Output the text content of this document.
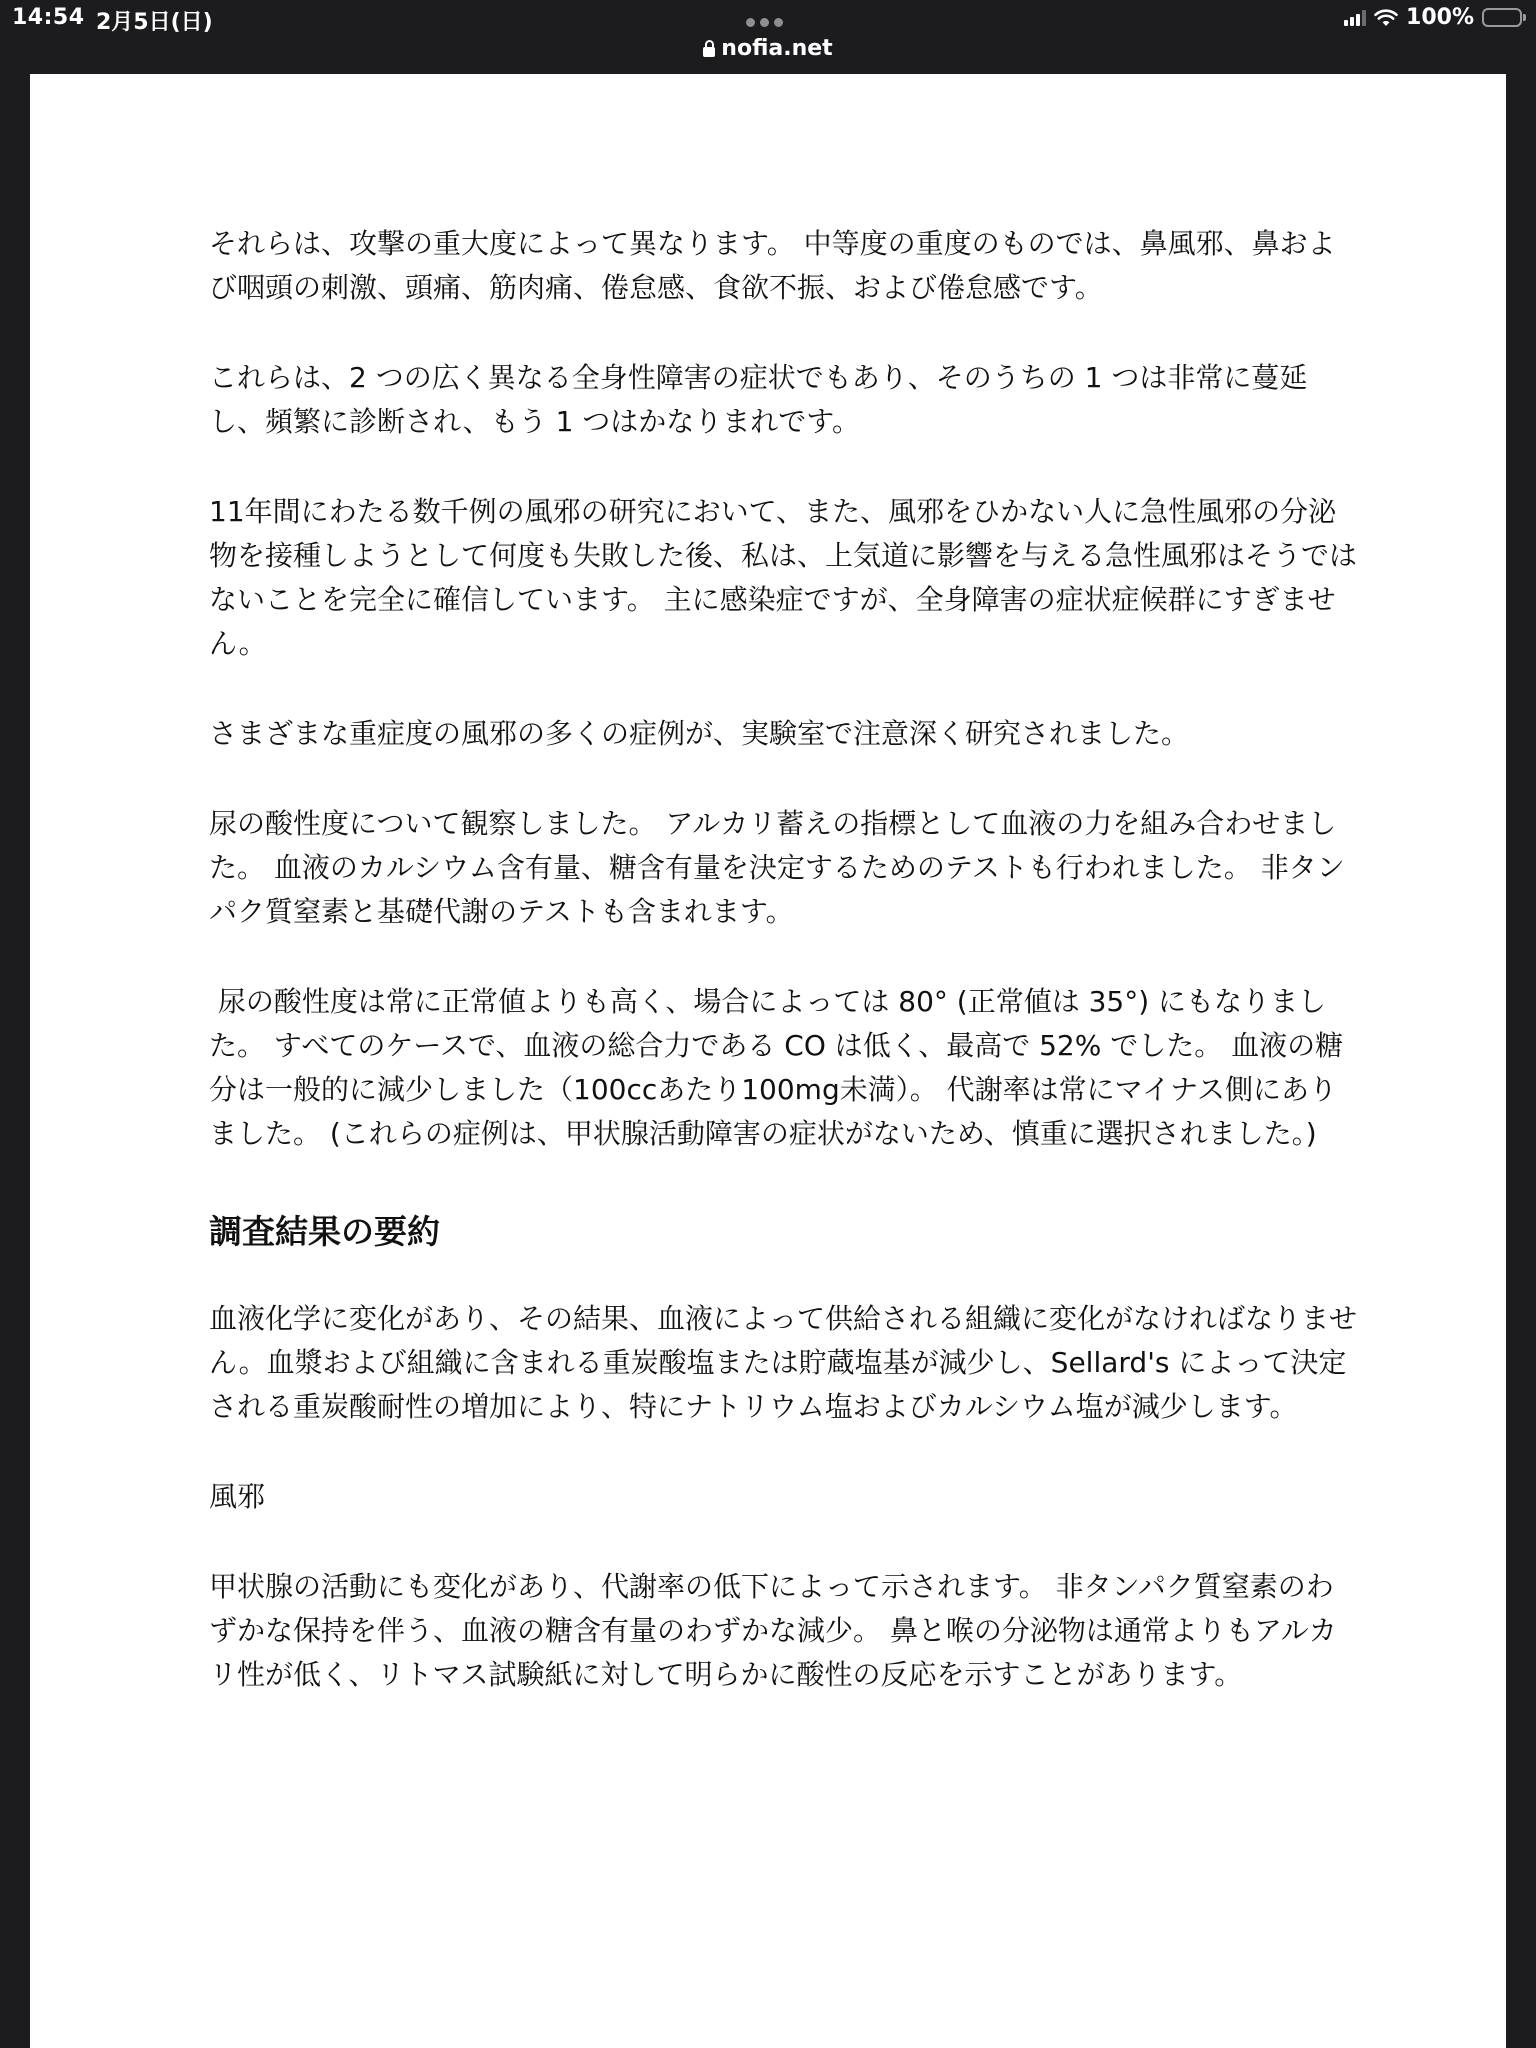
14:54 2月5日(日)
nofia.net
100%

それらは、攻撃の重大度によって異なります。 中等度の重度のものでは、鼻風邪、鼻および咽頭の刺激、頭痛、筋肉痛、倦怠感、食欲不振、および倦怠感です。

これらは、2 つの広く異なる全身性障害の症状でもあり、そのうちの 1 つは非常に蔓延し、頻繁に診断され、もう 1 つはかなりまれです。

11年間にわたる数千例の風邪の研究において、また、風邪をひかない人に急性風邪の分泌物を接種しようとして何度も失敗した後、私は、上気道に影響を与える急性風邪はそうではないことを完全に確信しています。 主に感染症ですが、全身障害の症状症候群にすぎません。

さまざまな重症度の風邪の多くの症例が、実験室で注意深く研究されました。

尿の酸性度について観察しました。 アルカリ蓄えの指標として血液の力を組み合わせました。 血液のカルシウム含有量、糖含有量を決定するためのテストも行われました。 非タンパク質窒素と基礎代謝のテストも含まれます。

尿の酸性度は常に正常値よりも高く、場合によっては 80° (正常値は 35°) にもなりました。 すべてのケースで、血液の総合力である CO は低く、最高で 52% でした。 血液の糖分は一般的に減少しました（100ccあたり100mg未満）。 代謝率は常にマイナス側にありました。 (これらの症例は、甲状腺活動障害の症状がないため、慎重に選択されました。)

調査結果の要約

血液化学に変化があり、その結果、血液によって供給される組織に変化がなければなりません。血漿および組織に含まれる重炭酸塩または貯蔵塩基が減少し、Sellard's によって決定される重炭酸耐性の増加により、特にナトリウム塩およびカルシウム塩が減少します。

風邪

甲状腺の活動にも変化があり、代謝率の低下によって示されます。 非タンパク質窒素のわずかな保持を伴う、血液の糖含有量のわずかな減少。 鼻と喉の分泌物は通常よりもアルカリ性が低く、リトマス試験紙に対して明らかに酸性の反応を示すことがあります。
